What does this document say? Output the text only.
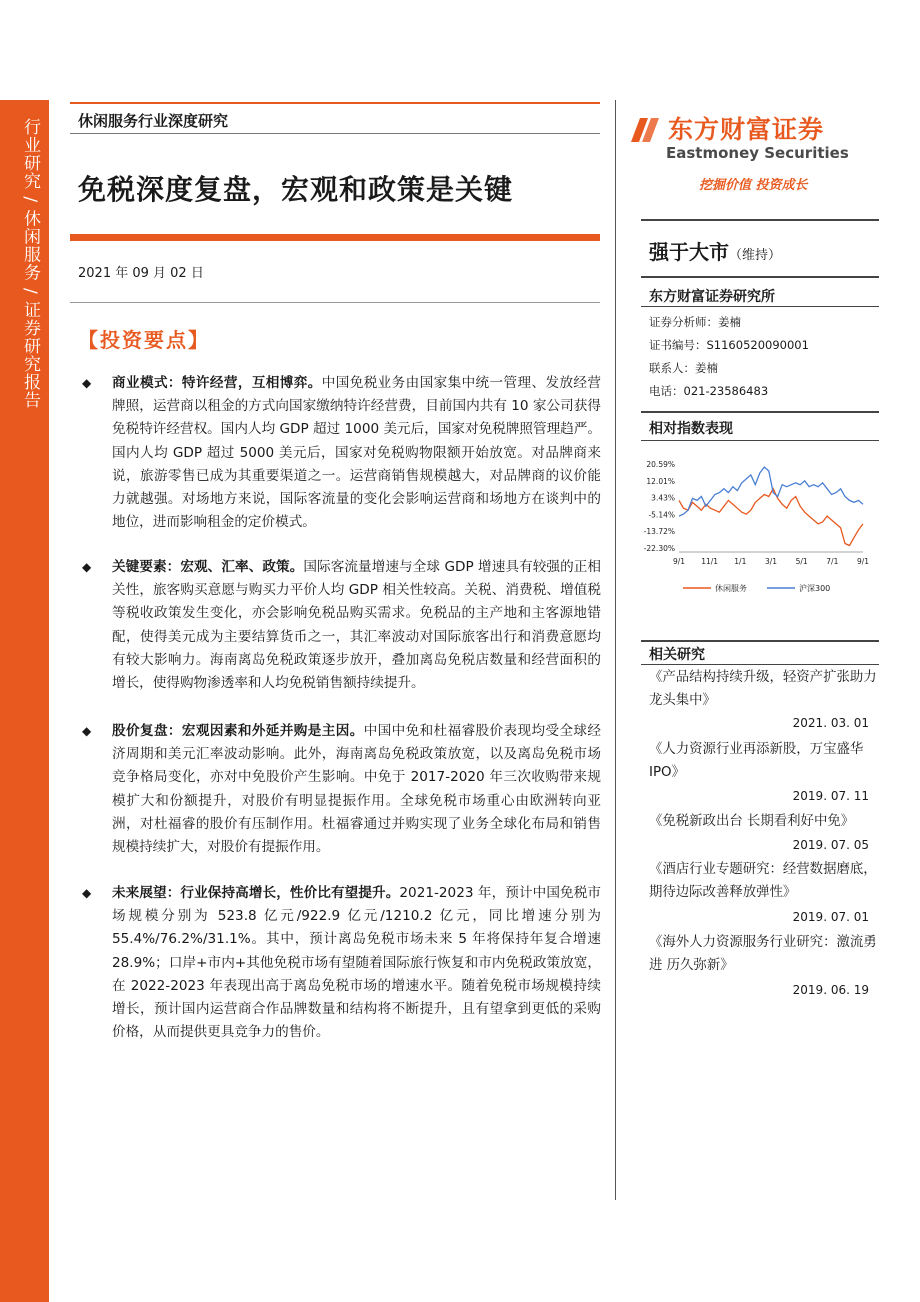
行业研究 / 休闲服务 / 证券研究报告	休闲服务行业深度研究
免税深度复盘，宏观和政策是关键
2021 年 09 月 02 日
【投资要点】
◆ 商业模式：特许经营，互相博弈。中国免税业务由国家集中统一管理、发放经营牌照，运营商以租金的方式向国家缴纳特许经营费，目前国内共有 10 家公司获得免税特许经营权。国内人均 GDP 超过 1000 美元后，国家对免税牌照管理趋严。国内人均 GDP 超过 5000 美元后，国家对免税购物限额开始放宽。对品牌商来说，旅游零售已成为其重要渠道之一。运营商销售规模越大，对品牌商的议价能力就越强。对场地方来说，国际客流量的变化会影响运营商和场地方在谈判中的地位，进而影响租金的定价模式。
◆ 关键要素：宏观、汇率、政策。国际客流量增速与全球 GDP 增速具有较强的正相关性，旅客购买意愿与购买力平价人均 GDP 相关性较高。关税、消费税、增值税等税收政策发生变化，亦会影响免税品购买需求。免税品的主产地和主客源地错配，使得美元成为主要结算货币之一，其汇率波动对国际旅客出行和消费意愿均有较大影响力。海南离岛免税政策逐步放开，叠加离岛免税店数量和经营面积的增长，使得购物渗透率和人均免税销售额持续提升。
◆ 股价复盘：宏观因素和外延并购是主因。中国中免和杜福睿股价表现均受全球经济周期和美元汇率波动影响。此外，海南离岛免税政策放宽，以及离岛免税市场竞争格局变化，亦对中免股价产生影响。中免于 2017-2020 年三次收购带来规模扩大和份额提升，对股价有明显提振作用。全球免税市场重心由欧洲转向亚洲，对杜福睿的股价有压制作用。杜福睿通过并购实现了业务全球化布局和销售规模持续扩大，对股价有提振作用。
◆ 未来展望：行业保持高增长，性价比有望提升。2021-2023 年，预计中国免税市场规模分别为 523.8 亿元/922.9 亿元/1210.2 亿元，同比增速分别为 55.4%/76.2%/31.1%。其中，预计离岛免税市场未来 5 年将保持年复合增速 28.9%；口岸+市内+其他免税市场有望随着国际旅行恢复和市内免税政策放宽，在 2022-2023 年表现出高于离岛免税市场的增速水平。随着免税市场规模持续增长，预计国内运营商合作品牌数量和结构将不断提升，且有望拿到更低的采购价格，从而提供更具竞争力的售价。
东方财富证券
Eastmoney Securities
挖掘价值 投资成长
强于大市（维持）
东方财富证券研究所
证券分析师：姜楠
证书编号：S1160520090001
联系人：姜楠
电话：021-23586483
相对指数表现
20.59%
12.01%
3.43%
-5.14%
-13.72%
-22.30%
9/1 11/1 1/1 3/1 5/1 7/1 9/1
休闲服务	沪深300
相关研究
《产品结构持续升级，轻资产扩张助力龙头集中》
2021. 03. 01
《人力资源行业再添新股，万宝盛华 IPO》
2019. 07. 11
《免税新政出台 长期看利好中免》
2019. 07. 05
《酒店行业专题研究：经营数据磨底，期待边际改善释放弹性》
2019. 07. 01
《海外人力资源服务行业研究：激流勇进 历久弥新》
2019. 06. 19
